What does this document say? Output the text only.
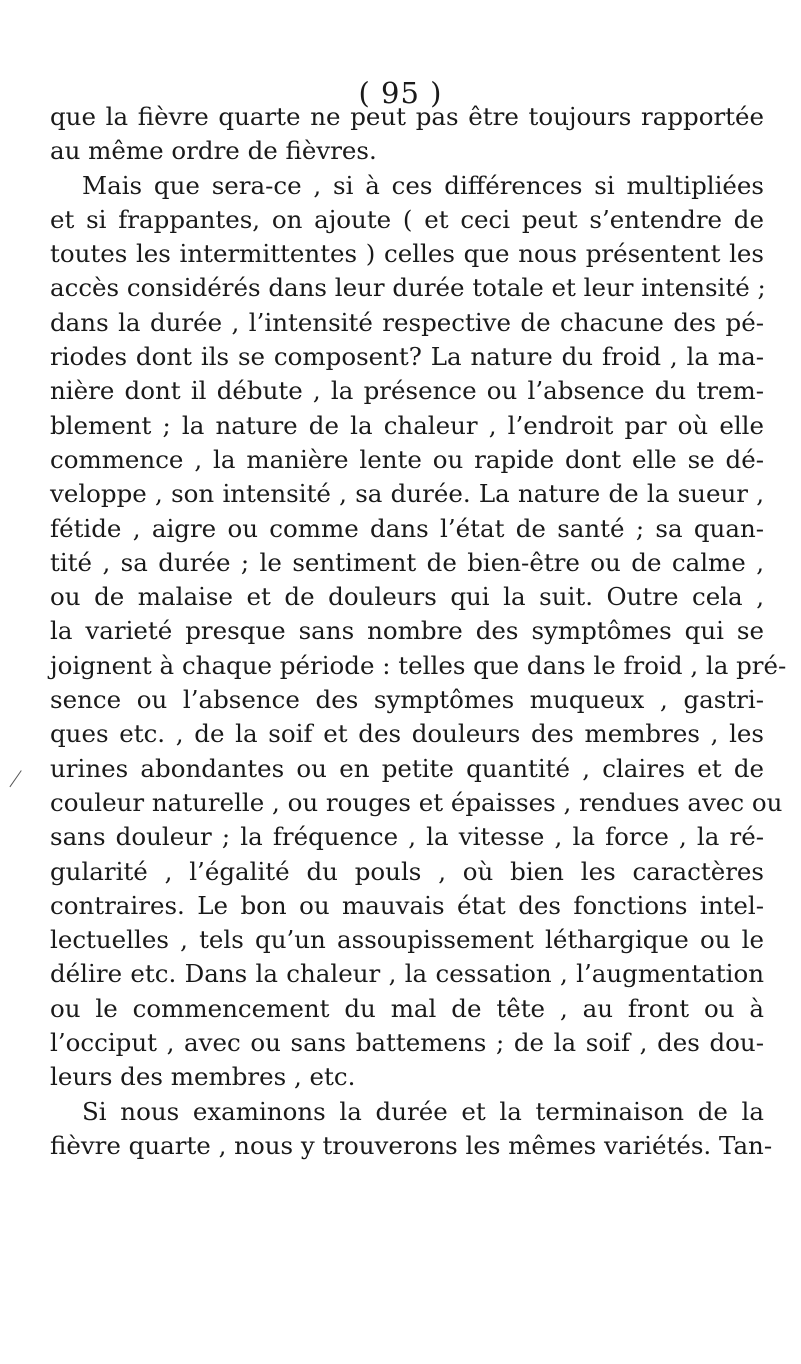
( 95 )
que la fièvre quarte ne peut pas être toujours rapportée
au même ordre de fièvres.
Mais que sera-ce , si à ces différences si multipliées
et si frappantes, on ajoute ( et ceci peut s’entendre de
toutes les intermittentes ) celles que nous présentent les
accès considérés dans leur durée totale et leur intensité ;
dans la durée , l’intensité respective de chacune des pé-
riodes dont ils se composent? La nature du froid , la ma-
nière dont il débute , la présence ou l’absence du trem-
blement ; la nature de la chaleur , l’endroit par où elle
commence , la manière lente ou rapide dont elle se dé-
veloppe , son intensité , sa durée. La nature de la sueur ,
fétide , aigre ou comme dans l’état de santé ; sa quan-
tité , sa durée ; le sentiment de bien-être ou de calme ,
ou de malaise et de douleurs qui la suit. Outre cela ,
la varieté presque sans nombre des symptômes qui se
joignent à chaque période : telles que dans le froid , la pré-
sence ou l’absence des symptômes muqueux , gastri-
ques etc. , de la soif et des douleurs des membres , les
urines abondantes ou en petite quantité , claires et de
couleur naturelle , ou rouges et épaisses , rendues avec ou
sans douleur ; la fréquence , la vitesse , la force , la ré-
gularité , l’égalité du pouls , où bien les caractères
contraires. Le bon ou mauvais état des fonctions intel-
lectuelles , tels qu’un assoupissement léthargique ou le
délire etc. Dans la chaleur , la cessation , l’augmentation
ou le commencement du mal de tête , au front ou à
l’occiput , avec ou sans battemens ; de la soif , des dou-
leurs des membres , etc.
Si nous examinons la durée et la terminaison de la
fièvre quarte , nous y trouverons les mêmes variétés. Tan-
